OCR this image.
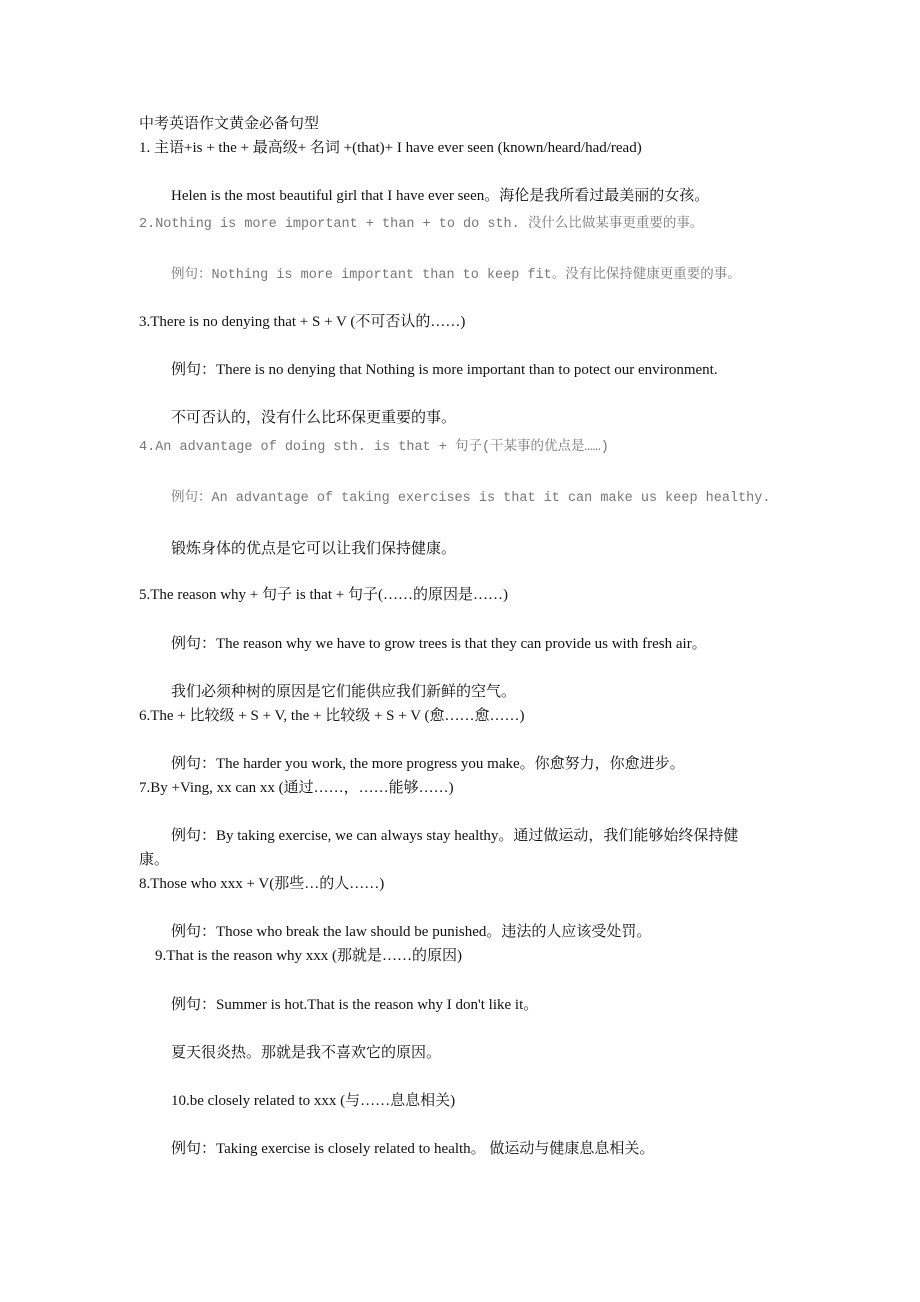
中考英语作文黄金必备句型
1. 主语+is + the + 最高级+ 名词 +(that)+ I have ever seen (known/heard/had/read)
Helen is the most beautiful girl that I have ever seen。海伦是我所看过最美丽的女孩。
2.Nothing is more important + than + to do sth. 没什么比做某事更重要的事。
例句：Nothing is more important than to keep fit。没有比保持健康更重要的事。
3.There is no denying that + S + V (不可否认的……)
例句：There is no denying that Nothing is more important than to potect our environment.
不可否认的，没有什么比环保更重要的事。
4.An advantage of doing sth. is that + 句子(干某事的优点是……)
例句：An advantage of taking exercises is that it can make us keep healthy.
锻炼身体的优点是它可以让我们保持健康。
5.The reason why + 句子 is that + 句子(……的原因是……)
例句：The reason why we have to grow trees is that they can provide us with fresh air。
我们必须种树的原因是它们能供应我们新鲜的空气。
6.The + 比较级 + S + V, the + 比较级 + S + V (愈……愈……)
例句：The harder you work, the more progress you make。你愈努力，你愈进步。
7.By +Ving, xx can xx (通过……，……能够……)
例句：By taking exercise, we can always stay healthy。通过做运动，我们能够始终保持健
康。
8.Those who xxx + V(那些…的人……)
例句：Those who break the law should be punished。违法的人应该受处罚。
9.That is the reason why xxx (那就是……的原因)
例句：Summer is hot.That is the reason why I don't like it。
夏天很炎热。那就是我不喜欢它的原因。
10.be closely related to xxx (与……息息相关)
例句：Taking exercise is closely related to health。 做运动与健康息息相关。
